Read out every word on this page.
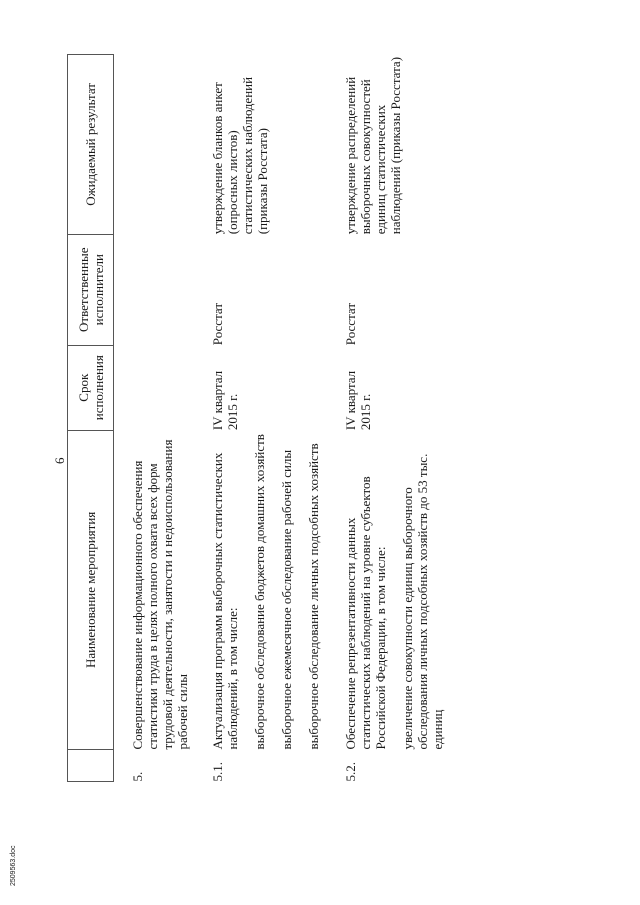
6
	Наименование мероприятия	Срок исполнения	Ответственные исполнители	Ожидаемый результат
5.	Совершенствование информационного обеспечения статистики труда в целях полного охвата всех форм трудовой деятельности, занятости и недоиспользования рабочей силы			
5.1.	Актуализация программ выборочных статистических наблюдений, в том числе: выборочное обследование бюджетов домашних хозяйств выборочное ежемесячное обследование рабочей силы выборочное обследование личных подсобных хозяйств	IV квартал 2015 г.	Росстат	утверждение бланков анкет (опросных листов) статистических наблюдений (приказы Росстата)
5.2.	Обеспечение репрезентативности данных статистических наблюдений на уровне субъектов Российской Федерации, в том числе: увеличение совокупности единиц выборочного обследования личных подсобных хозяйств до 53 тыс. единиц	IV квартал 2015 г.	Росстат	утверждение распределений выборочных совокупностей единиц статистических наблюдений (приказы Росстата)
2509563.doc
